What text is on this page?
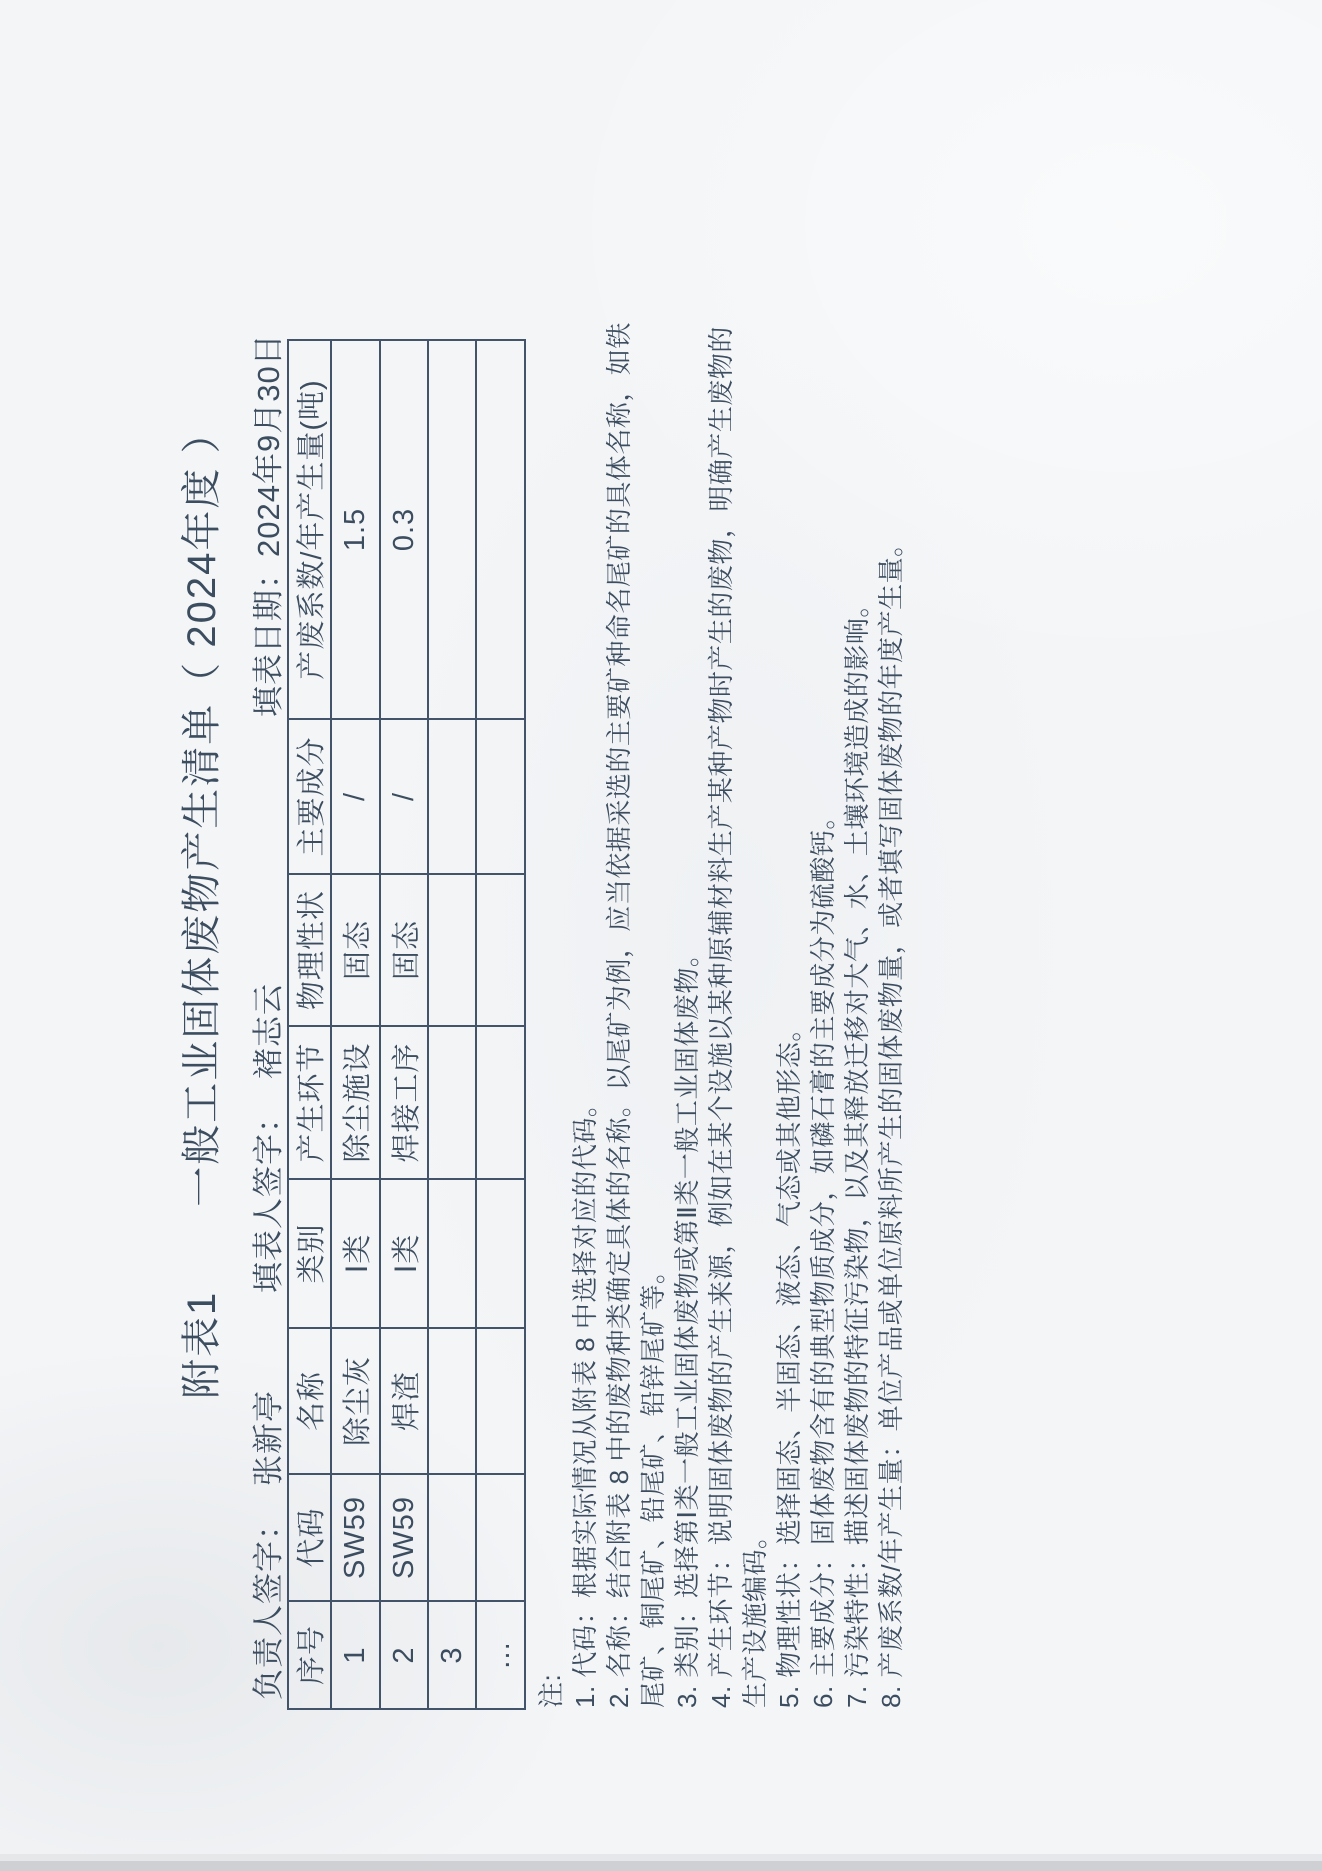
附表1　　一般工业固体废物产生清单（ 2024年度 ）
负责人签字：张新亭
填表人签字：褚志云
填表日期：2024年9月30日
序号	代码	名称	类别	产生环节	物理性状	主要成分	产废系数/年产生量(吨)
1	SW59	除尘灰	Ⅰ类	除尘施设	固态	/	1.5
2	SW59	焊渣	Ⅰ类	焊接工序	固态	/	0.3
3							
…							
注: 1. 代码：根据实际情况从附表 8 中选择对应的代码。 2. 名称：结合附表 8 中的废物种类确定具体的名称。以尾矿为例，应当依据采选的主要矿种命名尾矿的具体名称，如铁 尾矿、铜尾矿、铅尾矿、铅锌尾矿等。 3. 类别：选择第Ⅰ类一般工业固体废物或第Ⅱ类一般工业固体废物。 4. 产生环节：说明固体废物的产生来源，例如在某个设施以某种原辅材料生产某种产物时产生的废物，明确产生废物的 生产设施编码。 5. 物理性状：选择固态、半固态、液态、气态或其他形态。 6. 主要成分：固体废物含有的典型物质成分，如磷石膏的主要成分为硫酸钙。 7. 污染特性：描述固体废物的特征污染物，以及其释放迁移对大气、水、土壤环境造成的影响。 8. 产废系数/年产生量：单位产品或单位原料所产生的固体废物量，或者填写固体废物的年度产生量。
